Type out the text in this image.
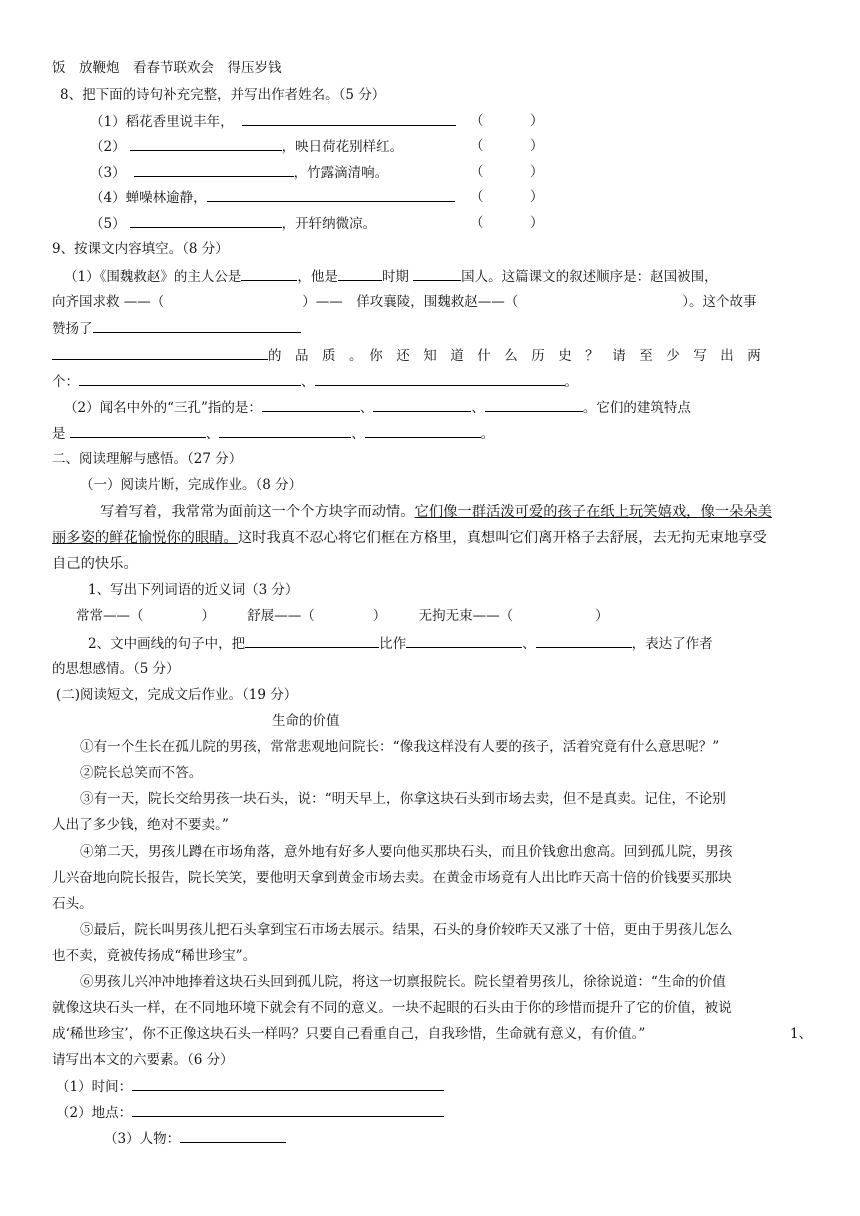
饭　放鞭炮　看春节联欢会　得压岁钱
8、把下面的诗句补充完整，并写出作者姓名。（5 分）
（1）稻花香里说丰年，	（	）
（2）	，映日荷花别样红。	（	）
（3）	，竹露滴清响。	（	）
（4）蝉噪林逾静，	（	）
（5）	，开轩纳微凉。	（	）
9、按课文内容填空。（8 分）
（1）《围魏救赵》的主人公是	，他是	时期	国人。这篇课文的叙述顺序是：赵国被围，
向齐国求救 ——（	）——　佯攻襄陵，围魏救赵——（	）。这个故事
赞扬了
的　品　质　。　你　还　知　道　什　么　历　史　？　请　至　少　写　出　两
个：	、	。
（2）闻名中外的“三孔”指的是：	、	、	。它们的建筑特点
是	、	、	。
二、阅读理解与感悟。（27 分）
（一）阅读片断，完成作业。（8 分）
写着写着，我常常为面前这一个个方块字而动情。它们像一群活泼可爱的孩子在纸上玩笑嬉戏，像一朵朵美
丽多姿的鲜花愉悦你的眼睛。这时我真不忍心将它们框在方格里，真想叫它们离开格子去舒展，去无拘无束地享受
自己的快乐。
1、写出下列词语的近义词（3 分）
常常——（	） 舒展——（	） 无拘无束——（	）
2、文中画线的句子中，把	比作	、	，表达了作者
的思想感情。（5 分）
(二)阅读短文，完成文后作业。（19 分）
生命的价值
①有一个生长在孤儿院的男孩，常常悲观地问院长：“像我这样没有人要的孩子，活着究竟有什么意思呢？”
②院长总笑而不答。
③有一天，院长交给男孩一块石头，说：“明天早上，你拿这块石头到市场去卖，但不是真卖。记住，不论别
人出了多少钱，绝对不要卖。”
④第二天，男孩儿蹲在市场角落，意外地有好多人要向他买那块石头，而且价钱愈出愈高。回到孤儿院，男孩
儿兴奋地向院长报告，院长笑笑，要他明天拿到黄金市场去卖。在黄金市场竟有人出比昨天高十倍的价钱要买那块
石头。
⑤最后，院长叫男孩儿把石头拿到宝石市场去展示。结果，石头的身价较昨天又涨了十倍，更由于男孩儿怎么
也不卖，竟被传扬成“稀世珍宝”。
⑥男孩儿兴冲冲地捧着这块石头回到孤儿院，将这一切禀报院长。院长望着男孩儿，徐徐说道：“生命的价值
就像这块石头一样，在不同地环境下就会有不同的意义。一块不起眼的石头由于你的珍惜而提升了它的价值，被说
成‘稀世珍宝’，你不正像这块石头一样吗？只要自己看重自己，自我珍惜，生命就有意义，有价值。”	1、
请写出本文的六要素。（6 分）
（1）时间：
（2）地点：
（3）人物：
